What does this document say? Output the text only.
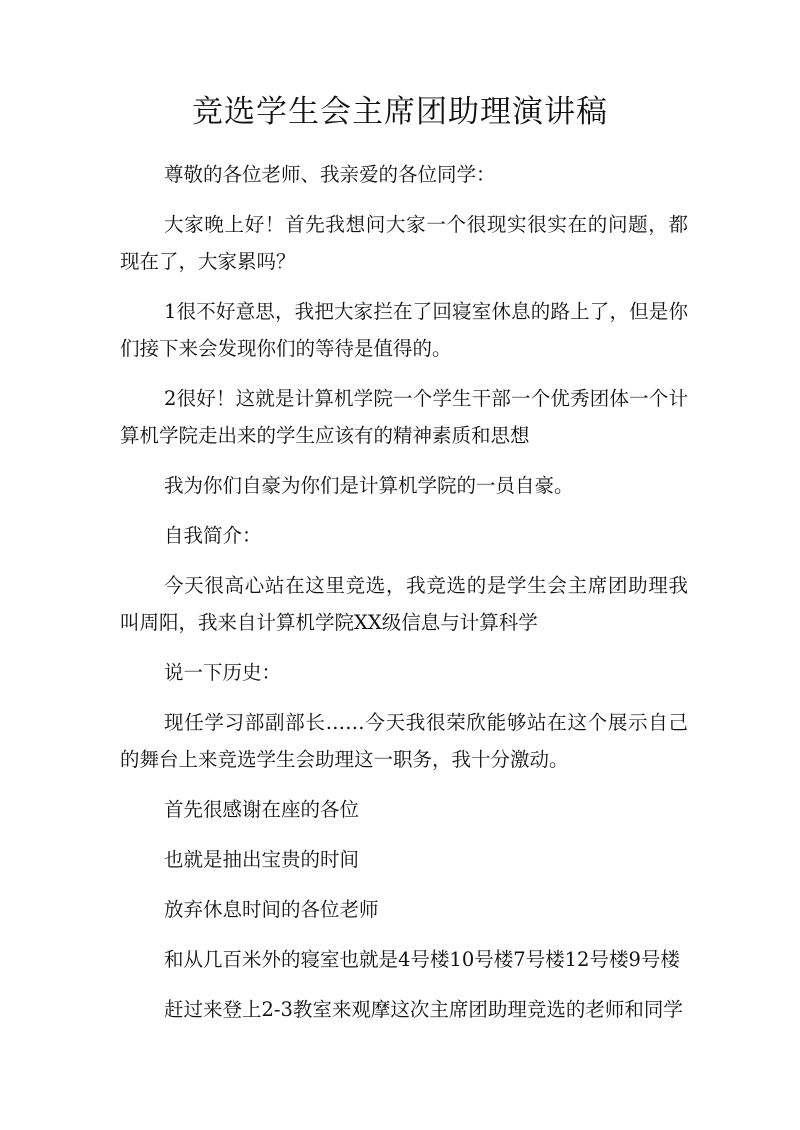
竞选学生会主席团助理演讲稿

尊敬的各位老师、我亲爱的各位同学：

大家晚上好！首先我想问大家一个很现实很实在的问题，都现在了，大家累吗？

1很不好意思，我把大家拦在了回寝室休息的路上了，但是你们接下来会发现你们的等待是值得的。

2很好！这就是计算机学院一个学生干部一个优秀团体一个计算机学院走出来的学生应该有的精神素质和思想

我为你们自豪为你们是计算机学院的一员自豪。

自我简介：

今天很高心站在这里竞选，我竞选的是学生会主席团助理我叫周阳，我来自计算机学院XX级信息与计算科学

说一下历史：

现任学习部副部长……今天我很荣欣能够站在这个展示自己的舞台上来竞选学生会助理这一职务，我十分激动。

首先很感谢在座的各位

也就是抽出宝贵的时间

放弃休息时间的各位老师

和从几百米外的寝室也就是4号楼10号楼7号楼12号楼9号楼

赶过来登上2-3教室来观摩这次主席团助理竞选的老师和同学
